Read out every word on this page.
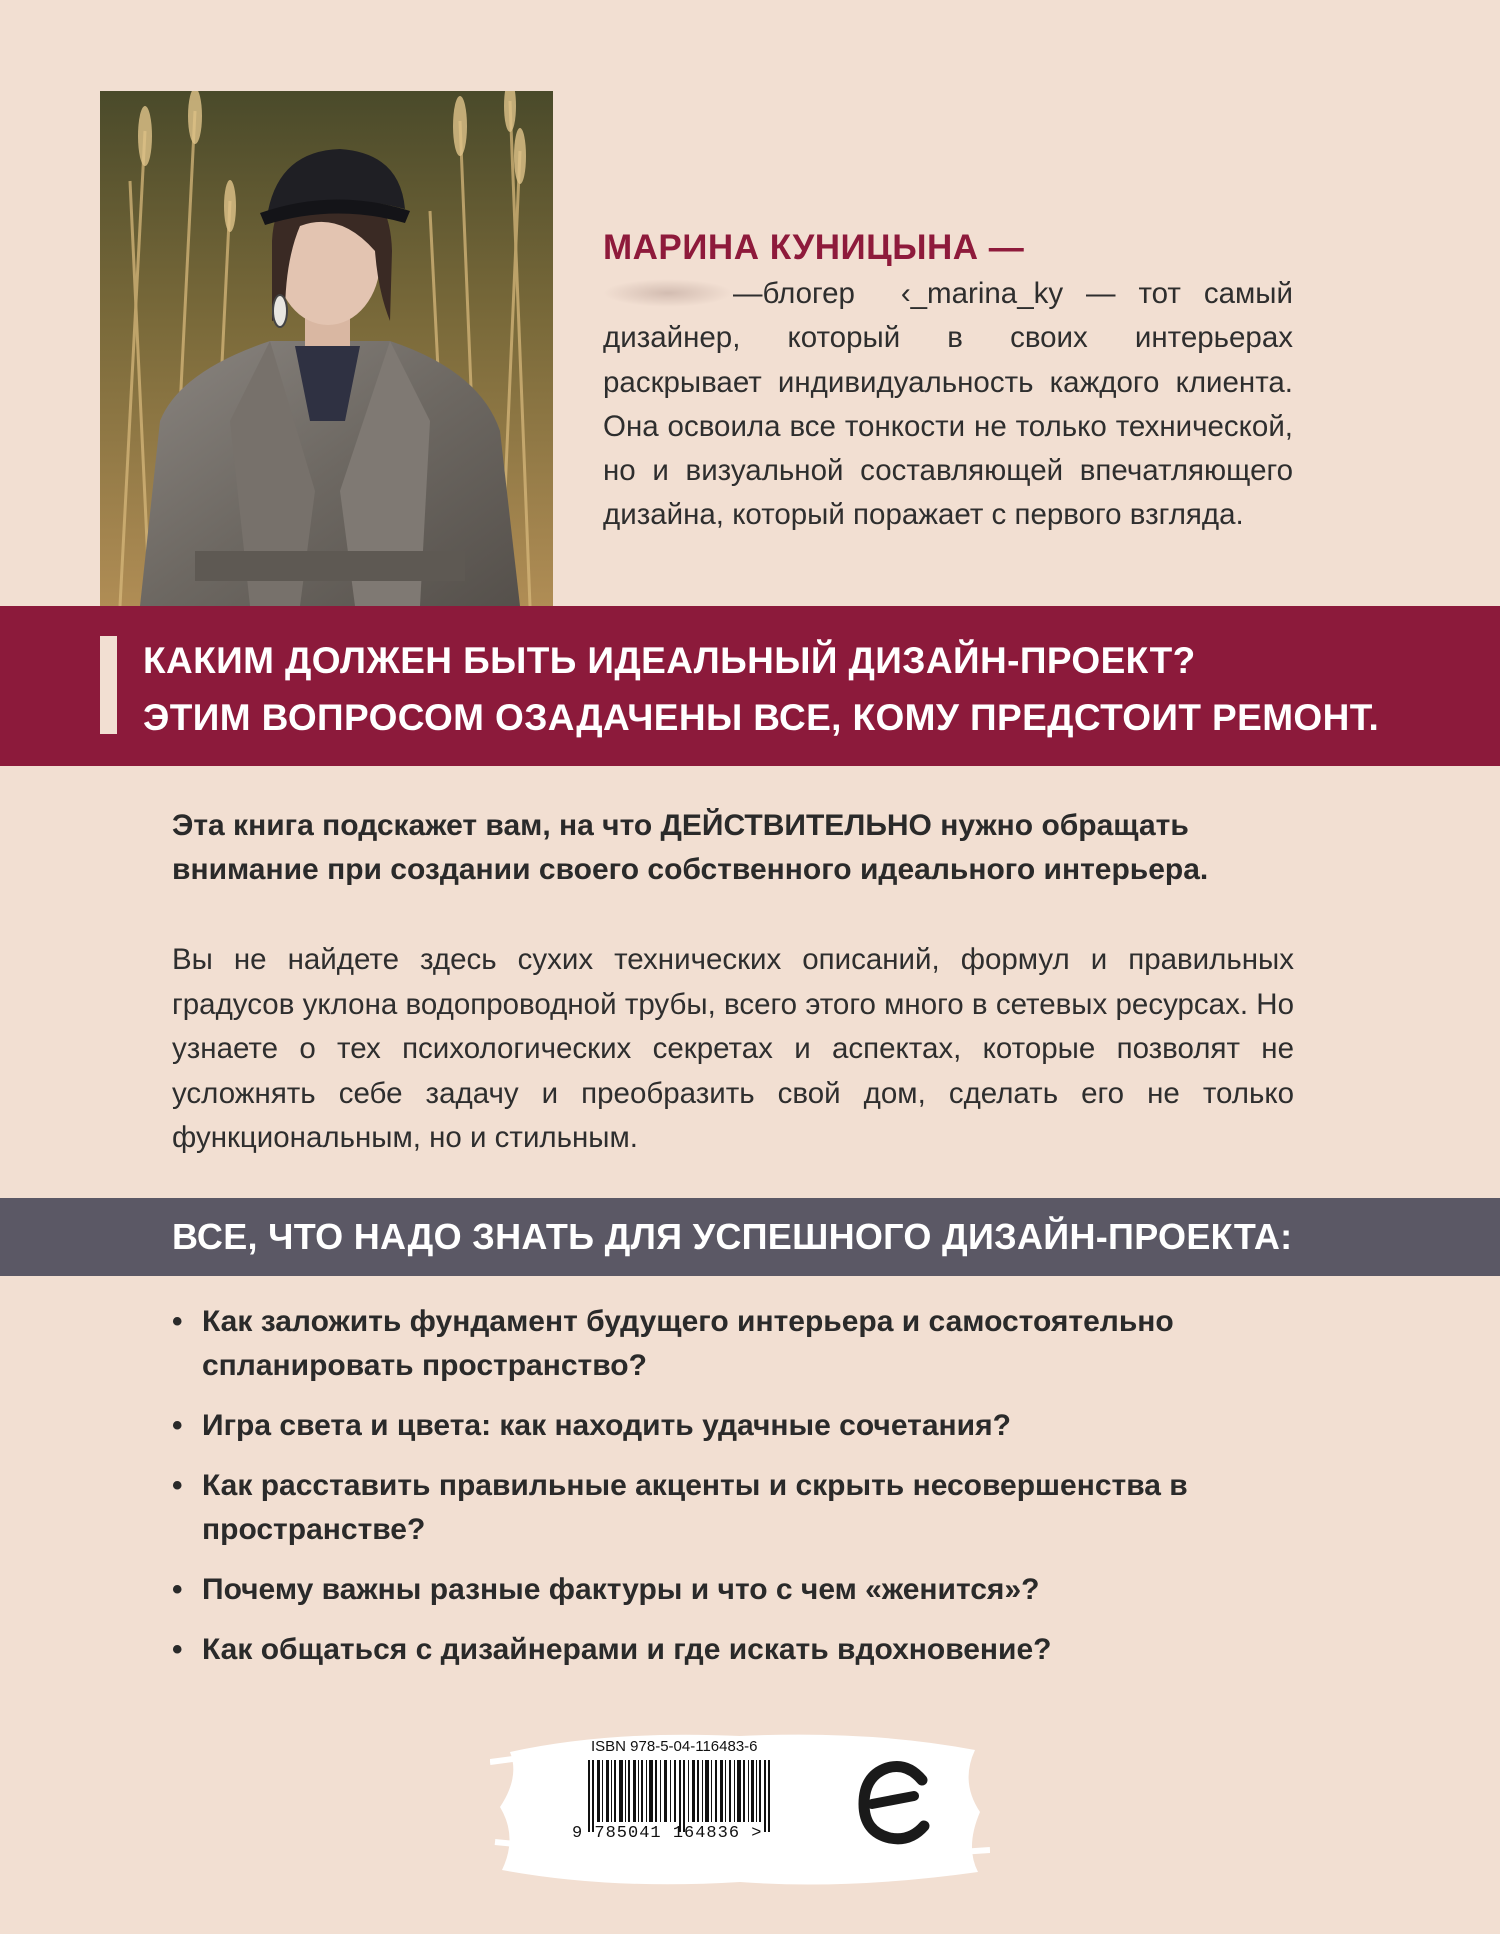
МАРИНА КУНИЦЫНА —
—блогер ‹_marina_ky — тот самый дизайнер, который в своих интерьерах раскрывает индивидуальность каждого клиента. Она освоила все тонкости не только технической, но и визуальной составляющей впечатляющего дизайна, который поражает с первого взгляда.
КАКИМ ДОЛЖЕН БЫТЬ ИДЕАЛЬНЫЙ ДИЗАЙН-ПРОЕКТ?
ЭТИМ ВОПРОСОМ ОЗАДАЧЕНЫ ВСЕ, КОМУ ПРЕДСТОИТ РЕМОНТ.
Эта книга подскажет вам, на что ДЕЙСТВИТЕЛЬНО нужно обращать внимание при создании своего собственного идеального интерьера.
Вы не найдете здесь сухих технических описаний, формул и правильных градусов уклона водопроводной трубы, всего этого много в сетевых ресурсах. Но узнаете о тех психологических секретах и аспектах, которые позволят не усложнять себе задачу и преобразить свой дом, сделать его не только функциональным, но и стильным.
ВСЕ, ЧТО НАДО ЗНАТЬ ДЛЯ УСПЕШНОГО ДИЗАЙН-ПРОЕКТА:
• Как заложить фундамент будущего интерьера и самостоятельно спланировать пространство?
• Игра света и цвета: как находить удачные сочетания?
• Как расставить правильные акценты и скрыть несовершенства в пространстве?
• Почему важны разные фактуры и что с чем «женится»?
• Как общаться с дизайнерами и где искать вдохновение?
ISBN 978-5-04-116483-6
9 785041 164836 >
